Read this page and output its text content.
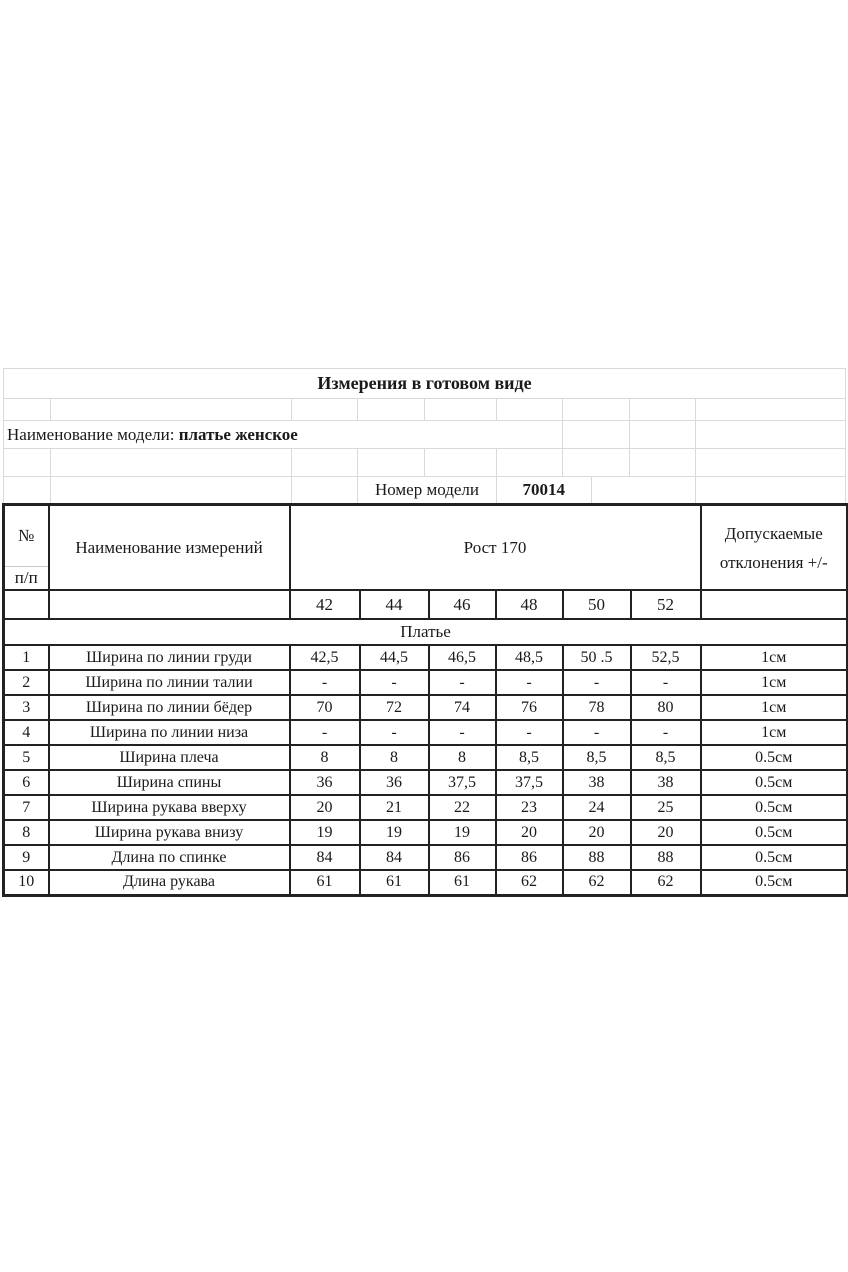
Измерения в готовом виде
Наименование модели:
платье женское
Номер модели	70014
№
п/п
	Наименование измерений	Рост 170	
Допускаемые
отклонения +/-

		42	44	46	48	50	52	
Платье								
1	Ширина по линии груди	42,5	44,5	46,5	48,5	50 .5	52,5	1см
2	Ширина по линии талии	-	-	-	-	-	-	1см
3	Ширина по линии бёдер	70	72	74	76	78	80	1см
4	Ширина по линии низа	-	-	-	-	-	-	1см
5	Ширина плеча	8	8	8	8,5	8,5	8,5	0.5см
6	Ширина спины	36	36	37,5	37,5	38	38	0.5см
7	Ширина рукава вверху	20	21	22	23	24	25	0.5см
8	Ширина рукава внизу	19	19	19	20	20	20	0.5см
9	Длина по спинке	84	84	86	86	88	88	0.5см
10	Длина рукава	61	61	61	62	62	62	0.5см
